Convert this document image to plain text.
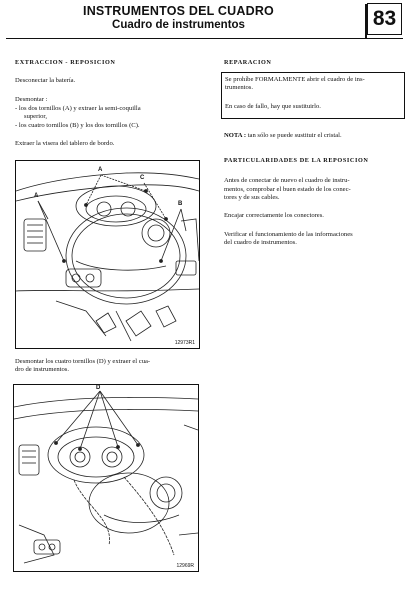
INSTRUMENTOS DEL CUADRO
Cuadro de instrumentos	83
EXTRACCION - REPOSICION
Desconectar la batería.
Desmontar :
- los dos tornillos (A) y extraer la semi-coquilla
superior,
- los cuatro tornillos (B) y los dos tornillos (C).
Extraer la visera del tablero de bordo.
A
C
A
B
12973R1
Desmontar los cuatro tornillos (D) y extraer el cua-
dro de instrumentos.
D
12969R
REPARACION
Se prohíbe FORMALMENTE abrir el cuadro de ins-
trumentos.
En caso de fallo, hay que sustituirlo.
NOTA : tan sólo se puede sustituir el cristal.
PARTICULARIDADES DE LA REPOSICION
Antes de conectar de nuevo el cuadro de instru-
mentos, comprobar el buen estado de los conec-
tores y de sus cables.
Encajar correctamente los conectores.
Verificar el funcionamiento de las informaciones
del cuadro de instrumentos.
